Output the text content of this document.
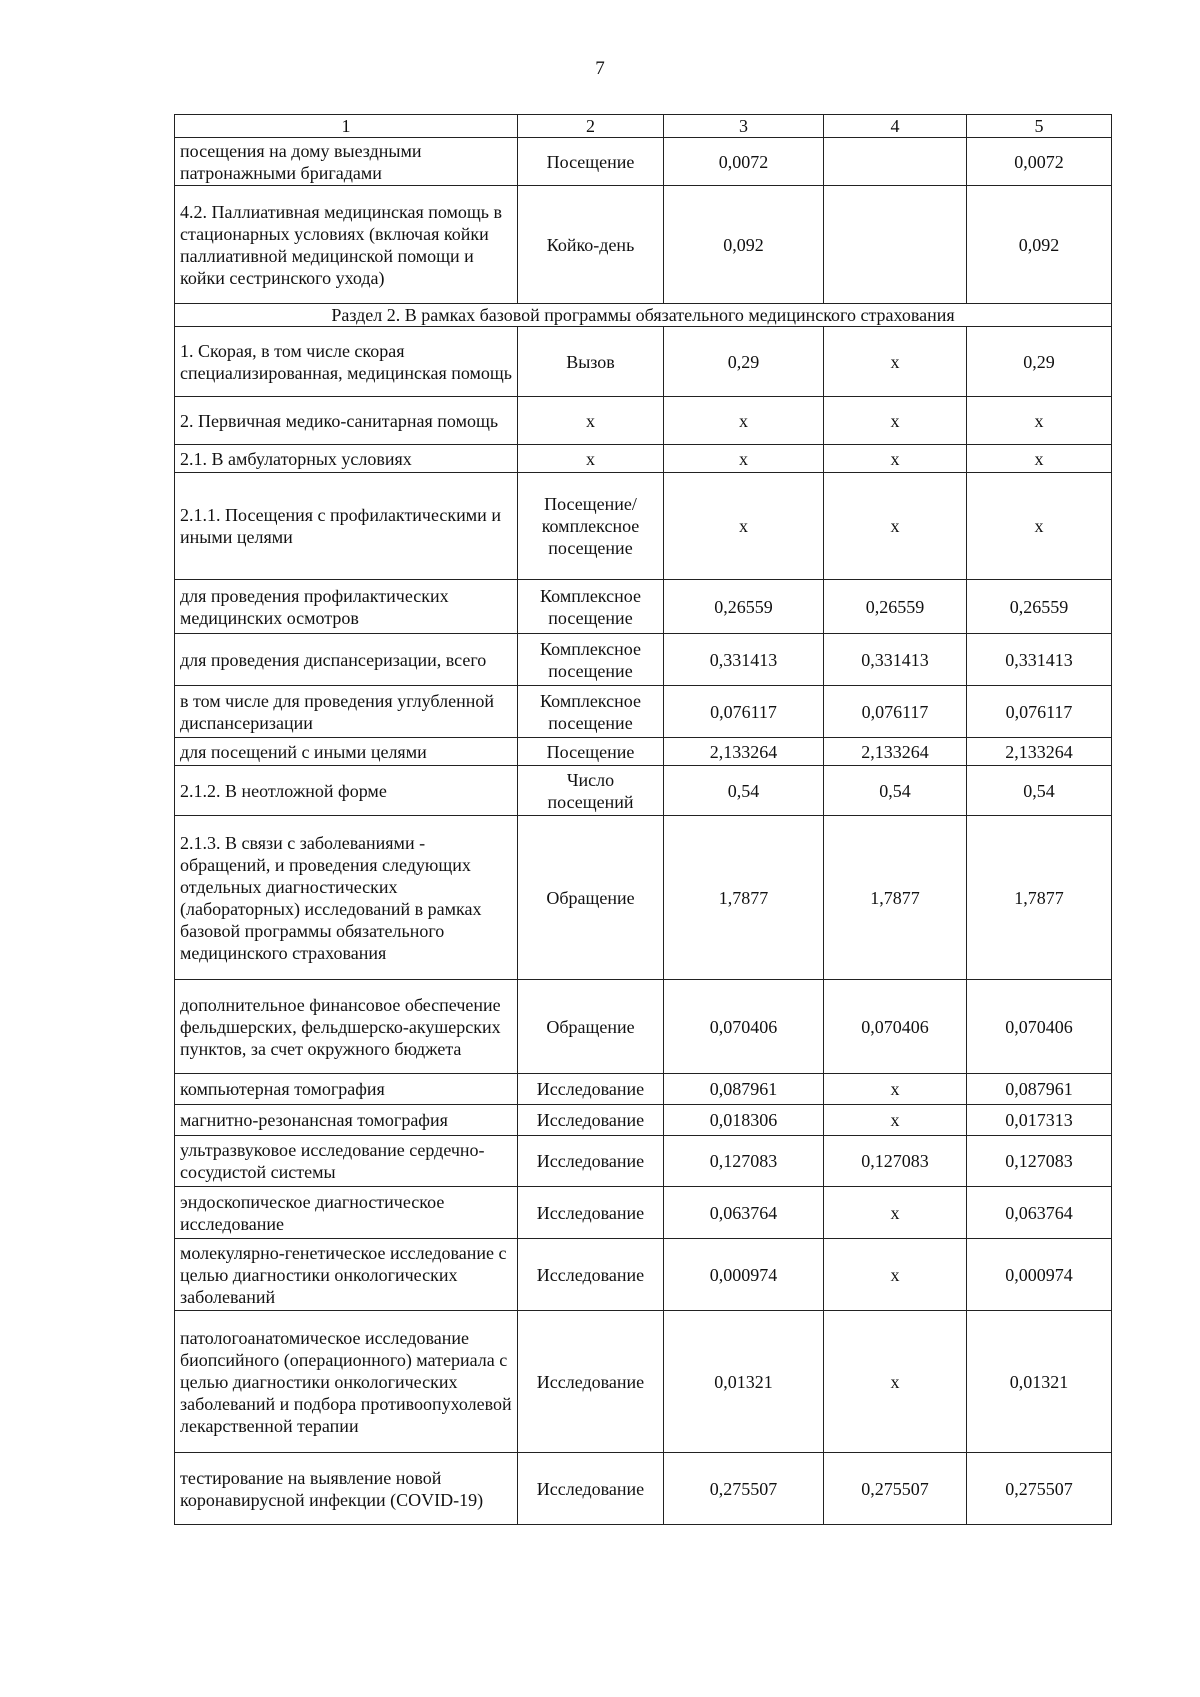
7
1	2	3	4	5
посещения на дому выездными патронажными бригадами	Посещение	0,0072		0,0072
4.2. Паллиативная медицинская помощь в стационарных условиях (включая койки паллиативной медицинской помощи и койки сестринского ухода)	Койко-день	0,092		0,092
Раздел 2. В рамках базовой программы обязательного медицинского страхования				
1. Скорая, в том числе скорая специализированная, медицинская помощь	Вызов	0,29	х	0,29
2. Первичная медико-санитарная помощь	х	х	х	х
2.1. В амбулаторных условиях	х	х	х	х
2.1.1. Посещения с профилактическими и иными целями	Посещение/ комплексное посещение	х	х	х
для проведения профилактических медицинских осмотров	Комплексное посещение	0,26559	0,26559	0,26559
для проведения диспансеризации, всего	Комплексное посещение	0,331413	0,331413	0,331413
в том числе для проведения углубленной диспансеризации	Комплексное посещение	0,076117	0,076117	0,076117
для посещений с иными целями	Посещение	2,133264	2,133264	2,133264
2.1.2. В неотложной форме	Число посещений	0,54	0,54	0,54
2.1.3. В связи с заболеваниями - обращений, и проведения следующих отдельных диагностических (лабораторных) исследований в рамках базовой программы обязательного медицинского страхования	Обращение	1,7877	1,7877	1,7877
дополнительное финансовое обеспечение фельдшерских, фельдшерско-акушерских пунктов, за счет окружного бюджета	Обращение	0,070406	0,070406	0,070406
компьютерная томография	Исследование	0,087961	х	0,087961
магнитно-резонансная томография	Исследование	0,018306	х	0,017313
ультразвуковое исследование сердечно-сосудистой системы	Исследование	0,127083	0,127083	0,127083
эндоскопическое диагностическое исследование	Исследование	0,063764	х	0,063764
молекулярно-генетическое исследование с целью диагностики онкологических заболеваний	Исследование	0,000974	х	0,000974
патологоанатомическое исследование биопсийного (операционного) материала с целью диагностики онкологических заболеваний и подбора противоопухолевой лекарственной терапии	Исследование	0,01321	х	0,01321
тестирование на выявление новой коронавирусной инфекции (COVID-19)	Исследование	0,275507	0,275507	0,275507
